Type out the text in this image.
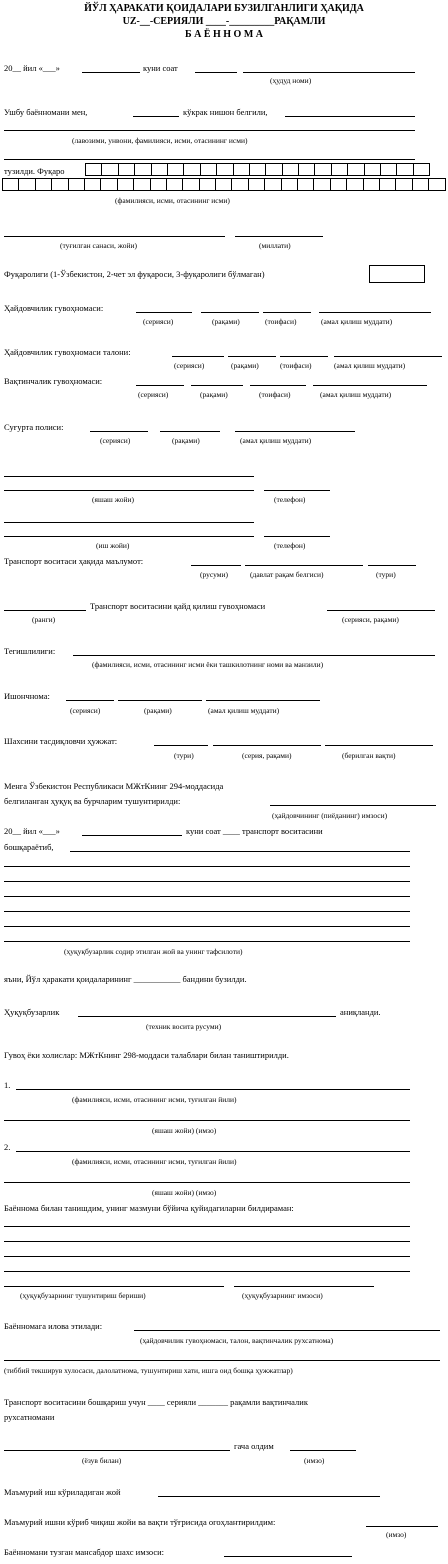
ЙЎЛ ҲАРАКАТИ ҚОИДАЛАРИ БУЗИЛГАНЛИГИ ҲАҚИДА
UZ-__-СЕРИЯЛИ ____-_________РАҚАМЛИ
Б А Ё Н Н О М А
20__ йил «___»	куни соат
(ҳудуд номи)
Ушбу баённомани мен,	кўкрак нишон белгили,
(лавозими, унвони, фамилияси, исми, отасининг исми)
тузилди. Фуқаро
(фамилияси, исми, отасининг исми)
(туғилган санаси, жойи)	(миллати)
Фуқаролиги (1-Ўзбекистон, 2-чет эл фуқароси, 3-фуқаролиги бўлмаган)
Ҳайдовчилик гувоҳномаси:
(серияси)	(рақами)	(тоифаси)	(амал қилиш муддати)
Ҳайдовчилик гувоҳномаси талони:
(серияси)	(рақами)	(тоифаси)	(амал қилиш муддати)
Вақтинчалик гувоҳномаси:
(серияси)	(рақами)	(тоифаси)	(амал қилиш муддати)
Суғурта полиси:
(серияси)	(рақами)	(амал қилиш муддати)
(яшаш жойи)	(телефон)
(иш жойи)	(телефон)
Транспорт воситаси ҳақида маълумот:
(русуми)	(давлат рақам белгиси)	(тури)
Транспорт воситасини қайд қилиш гувоҳномаси
(ранги)	(серияси, рақами)
Тегишлилиги:
(фамилияси, исми, отасининг исми ёки ташкилотнинг номи ва манзили)
Ишончнома:
(серияси)	(рақами)	(амал қилиш муддати)
Шахсини тасдиқловчи ҳужжат:
(тури)	(серия, рақами)	(берилган вақти)
Менга Ўзбекистон Республикаси МЖтКнинг 294-моддасида
белгиланган ҳуқуқ ва бурчларим тушунтирилди:
(ҳайдовчининг (пиёданинг) имзоси)
20__ йил «___»	куни соат ____ транспорт воситасини
бошқараётиб,
(ҳуқуқбузарлик содир этилган жой ва унинг тафсилоти)
яъни, Йўл ҳаракати қоидаларининг ___________ бандини бузилди.
Ҳуқуқбузарлик	аниқланди.
(техник восита русуми)
Гувоҳ ёки холислар: МЖтКнинг 298-моддаси талаблари билан таништирилди.
1.
(фамилияси, исми, отасининг исми, туғилган йили)
(яшаш жойи) (имзо)
2.
(фамилияси, исми, отасининг исми, туғилган йили)
(яшаш жойи) (имзо)
Баённома билан танишдим, унинг мазмуни бўйича қуйидагиларни билдираман:
(ҳуқуқбузарнинг тушунтириш бериши)	(ҳуқуқбузарнинг имзоси)
Баённомага илова этилади:
(ҳайдовчилик гувоҳномаси, талон, вақтинчалик рухсатнома)
(тиббий текширув хулосаси, далолатнома, тушунтириш хати, ишга оид бошқа ҳужжатлар)
Транспорт воситасини бошқариш учун ____ серияли _______ рақамли вақтинчалик
рухсатномани
гача олдим
(ёзув билан)	(имзо)
Маъмурий иш кўриладиган жой
Маъмурий ишни кўриб чиқиш жойи ва вақти тўғрисида огоҳлантирилдим:
(имзо)
Баённомани тузган мансабдор шахс имзоси:
